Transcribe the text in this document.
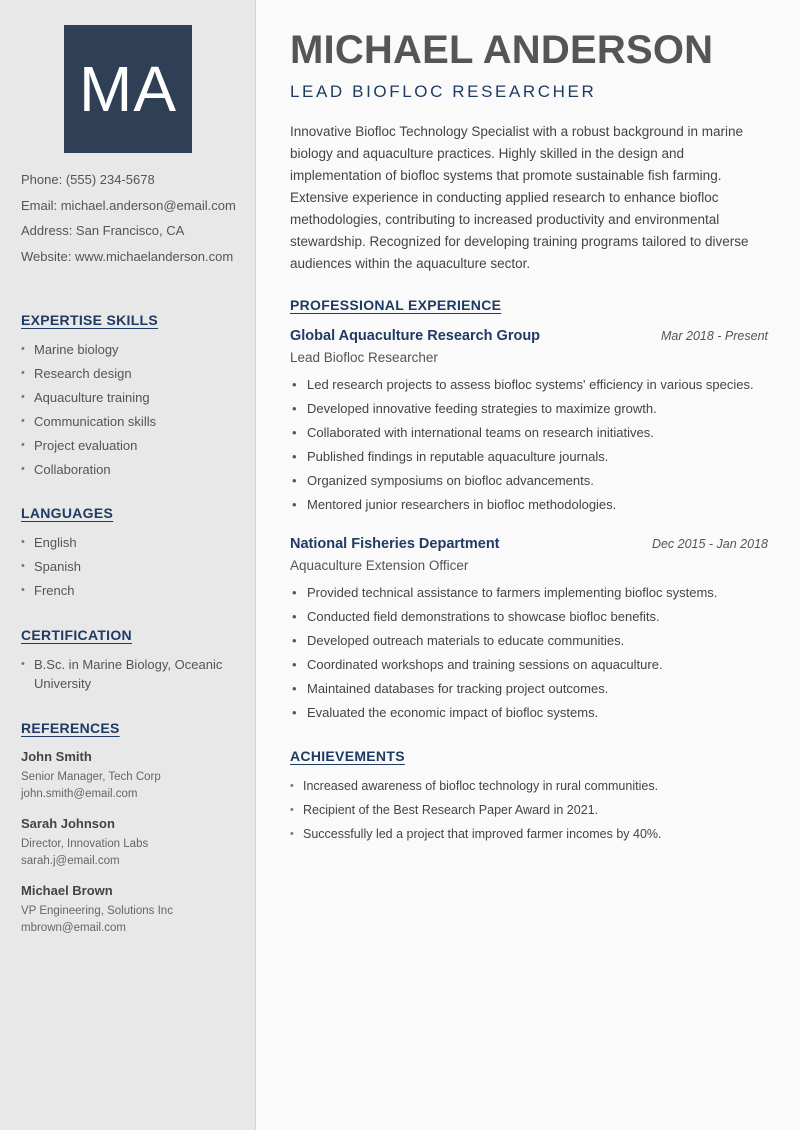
MA
Phone: (555) 234-5678
Email: michael.anderson@email.com
Address: San Francisco, CA
Website: www.michaelanderson.com
EXPERTISE SKILLS
• Marine biology
• Research design
• Aquaculture training
• Communication skills
• Project evaluation
• Collaboration
LANGUAGES
• English
• Spanish
• French
CERTIFICATION
• B.Sc. in Marine Biology, Oceanic University
REFERENCES
John Smith
Senior Manager, Tech Corp
john.smith@email.com
Sarah Johnson
Director, Innovation Labs
sarah.j@email.com
Michael Brown
VP Engineering, Solutions Inc
mbrown@email.com
MICHAEL ANDERSON
LEAD BIOFLOC RESEARCHER
Innovative Biofloc Technology Specialist with a robust background in marine biology and aquaculture practices. Highly skilled in the design and implementation of biofloc systems that promote sustainable fish farming. Extensive experience in conducting applied research to enhance biofloc methodologies, contributing to increased productivity and environmental stewardship. Recognized for developing training programs tailored to diverse audiences within the aquaculture sector.
PROFESSIONAL EXPERIENCE
Global Aquaculture Research Group	Mar 2018 - Present
Lead Biofloc Researcher
• Led research projects to assess biofloc systems' efficiency in various species.
• Developed innovative feeding strategies to maximize growth.
• Collaborated with international teams on research initiatives.
• Published findings in reputable aquaculture journals.
• Organized symposiums on biofloc advancements.
• Mentored junior researchers in biofloc methodologies.
National Fisheries Department	Dec 2015 - Jan 2018
Aquaculture Extension Officer
• Provided technical assistance to farmers implementing biofloc systems.
• Conducted field demonstrations to showcase biofloc benefits.
• Developed outreach materials to educate communities.
• Coordinated workshops and training sessions on aquaculture.
• Maintained databases for tracking project outcomes.
• Evaluated the economic impact of biofloc systems.
ACHIEVEMENTS
• Increased awareness of biofloc technology in rural communities.
• Recipient of the Best Research Paper Award in 2021.
• Successfully led a project that improved farmer incomes by 40%.
